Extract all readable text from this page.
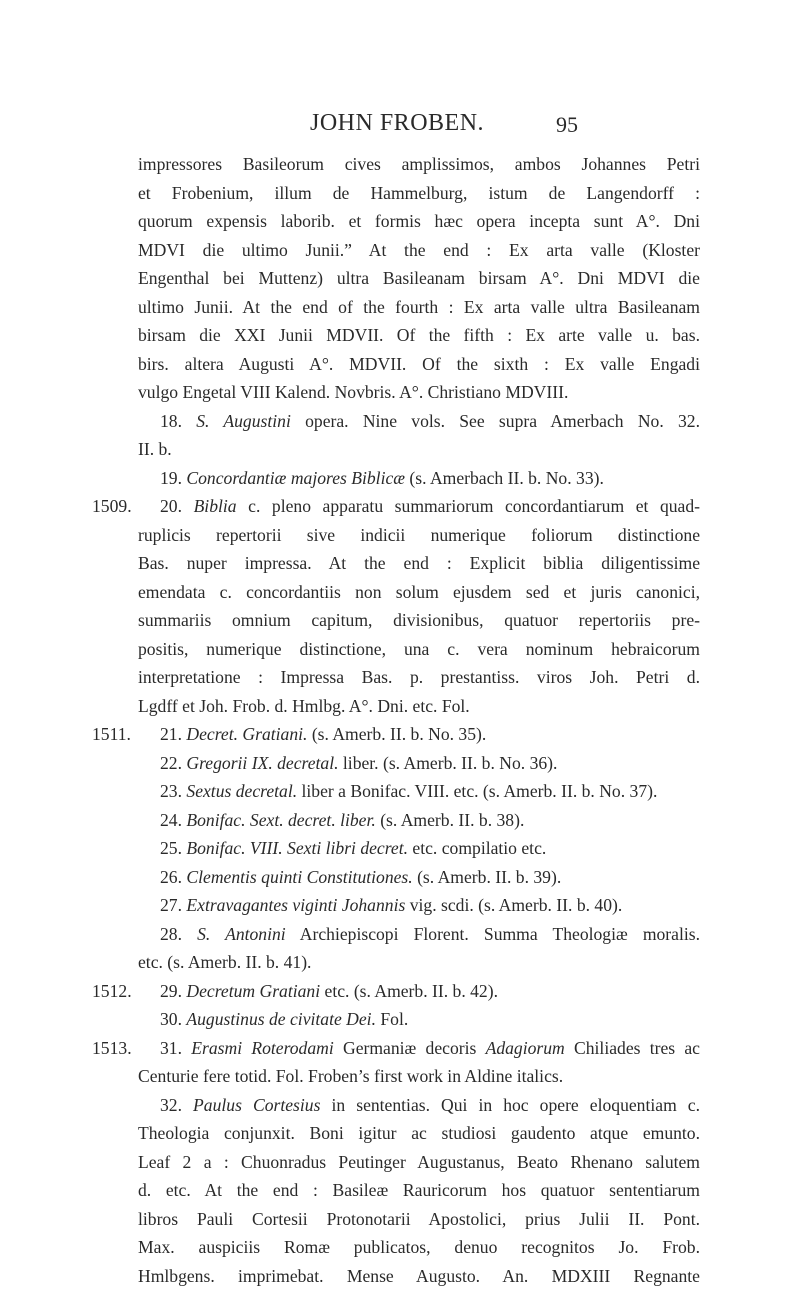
JOHN FROBEN.	95
impressores Basileorum cives amplissimos, ambos Johannes Petri
et Frobenium, illum de Hammelburg, istum de Langendorff :
quorum expensis laborib. et formis hæc opera incepta sunt A°. Dni
MDVI die ultimo Junii.” At the end : Ex arta valle (Kloster
Engenthal bei Muttenz) ultra Basileanam birsam A°. Dni MDVI die
ultimo Junii. At the end of the fourth : Ex arta valle ultra Basileanam
birsam die XXI Junii MDVII. Of the fifth : Ex arte valle u. bas.
birs. altera Augusti A°. MDVII. Of the sixth : Ex valle Engadi
vulgo Engetal VIII Kalend. Novbris. A°. Christiano MDVIII.
18. S. Augustini opera. Nine vols. See supra Amerbach No. 32.
II. b.
19. Concordantiæ majores Biblicæ (s. Amerbach II. b. No. 33).
1509. 20. Biblia c. pleno apparatu summariorum concordantiarum et quad-
ruplicis repertorii sive indicii numerique foliorum distinctione
Bas. nuper impressa. At the end : Explicit biblia diligentissime
emendata c. concordantiis non solum ejusdem sed et juris canonici,
summariis omnium capitum, divisionibus, quatuor repertoriis pre-
positis, numerique distinctione, una c. vera nominum hebraicorum
interpretatione : Impressa Bas. p. prestantiss. viros Joh. Petri d.
Lgdff et Joh. Frob. d. Hmlbg. A°. Dni. etc. Fol.
1511. 21. Decret. Gratiani. (s. Amerb. II. b. No. 35).
22. Gregorii IX. decretal. liber. (s. Amerb. II. b. No. 36).
23. Sextus decretal. liber a Bonifac. VIII. etc. (s. Amerb. II. b. No. 37).
24. Bonifac. Sext. decret. liber. (s. Amerb. II. b. 38).
25. Bonifac. VIII. Sexti libri decret. etc. compilatio etc.
26. Clementis quinti Constitutiones. (s. Amerb. II. b. 39).
27. Extravagantes viginti Johannis vig. scdi. (s. Amerb. II. b. 40).
28. S. Antonini Archiepiscopi Florent. Summa Theologiæ moralis.
etc. (s. Amerb. II. b. 41).
1512. 29. Decretum Gratiani etc. (s. Amerb. II. b. 42).
30. Augustinus de civitate Dei. Fol.
1513. 31. Erasmi Roterodami Germaniæ decoris Adagiorum Chiliades tres ac
Centurie fere totid. Fol. Froben’s first work in Aldine italics.
32. Paulus Cortesius in sententias. Qui in hoc opere eloquentiam c.
Theologia conjunxit. Boni igitur ac studiosi gaudento atque emunto.
Leaf 2 a : Chuonradus Peutinger Augustanus, Beato Rhenano salutem
d. etc. At the end : Basileæ Rauricorum hos quatuor sententiarum
libros Pauli Cortesii Protonotarii Apostolici, prius Julii II. Pont.
Max. auspiciis Romæ publicatos, denuo recognitos Jo. Frob.
Hmlbgens. imprimebat. Mense Augusto. An. MDXIII Regnante
